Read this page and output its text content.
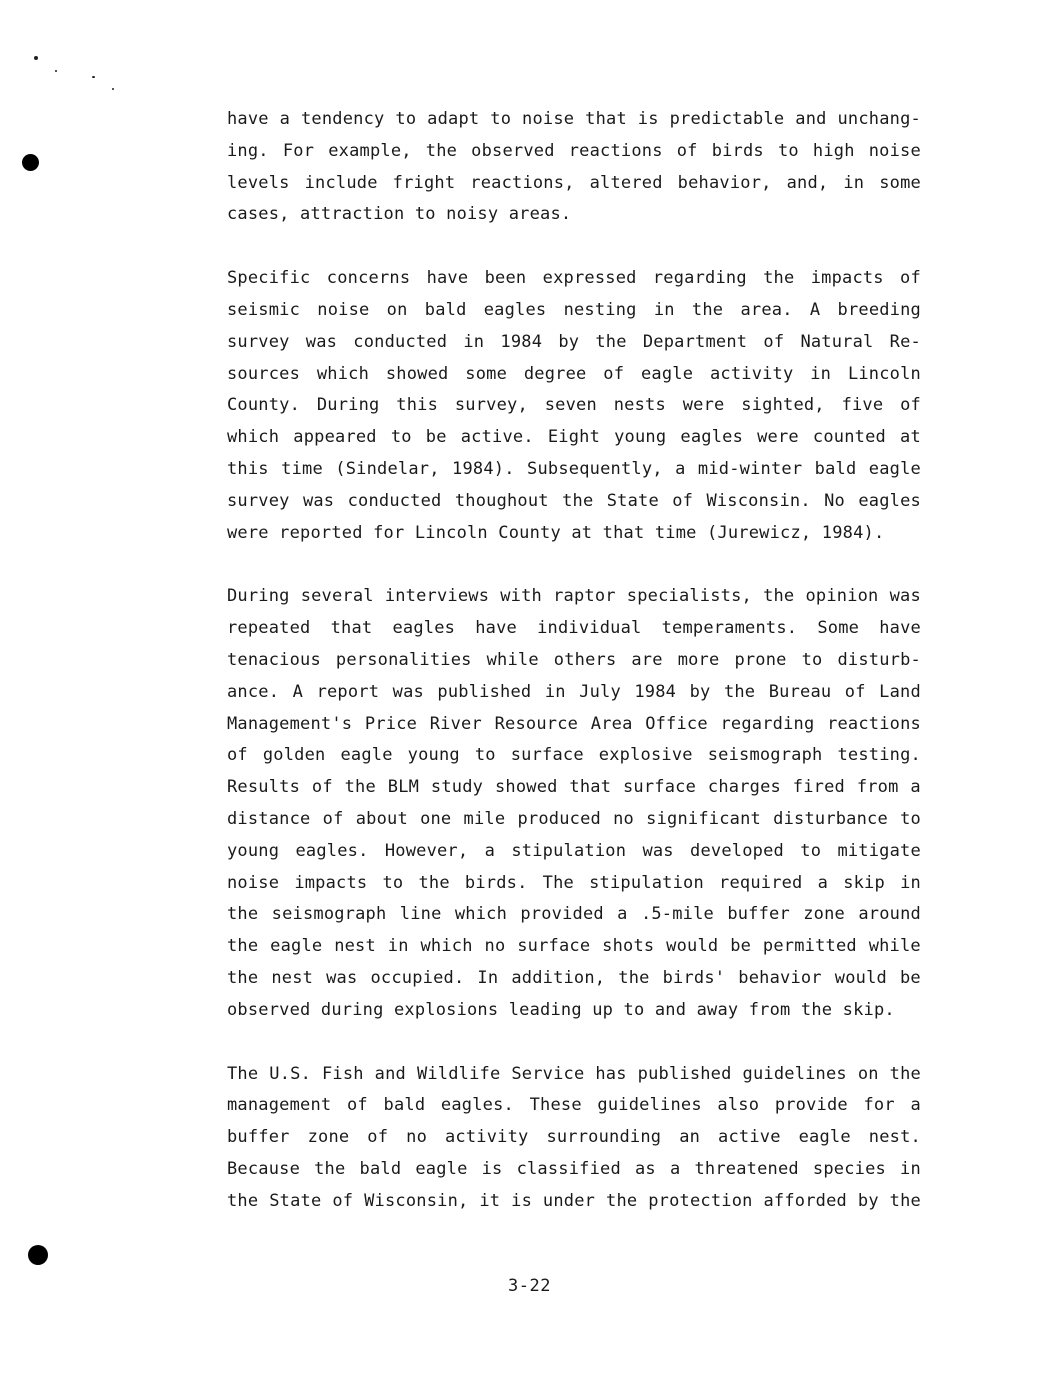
have a tendency to adapt to noise that is predictable and unchang-
ing. For example, the observed reactions of birds to high noise
levels include fright reactions, altered behavior, and, in some
cases, attraction to noisy areas.
Specific concerns have been expressed regarding the impacts of
seismic noise on bald eagles nesting in the area. A breeding
survey was conducted in 1984 by the Department of Natural Re-
sources which showed some degree of eagle activity in Lincoln
County. During this survey, seven nests were sighted, five of
which appeared to be active. Eight young eagles were counted at
this time (Sindelar, 1984). Subsequently, a mid-winter bald eagle
survey was conducted thoughout the State of Wisconsin. No eagles
were reported for Lincoln County at that time (Jurewicz, 1984).
During several interviews with raptor specialists, the opinion was
repeated that eagles have individual temperaments. Some have
tenacious personalities while others are more prone to disturb-
ance. A report was published in July 1984 by the Bureau of Land
Management's Price River Resource Area Office regarding reactions
of golden eagle young to surface explosive seismograph testing.
Results of the BLM study showed that surface charges fired from a
distance of about one mile produced no significant disturbance to
young eagles. However, a stipulation was developed to mitigate
noise impacts to the birds. The stipulation required a skip in
the seismograph line which provided a .5-mile buffer zone around
the eagle nest in which no surface shots would be permitted while
the nest was occupied. In addition, the birds' behavior would be
observed during explosions leading up to and away from the skip.
The U.S. Fish and Wildlife Service has published guidelines on the
management of bald eagles. These guidelines also provide for a
buffer zone of no activity surrounding an active eagle nest.
Because the bald eagle is classified as a threatened species in
the State of Wisconsin, it is under the protection afforded by the
3-22
